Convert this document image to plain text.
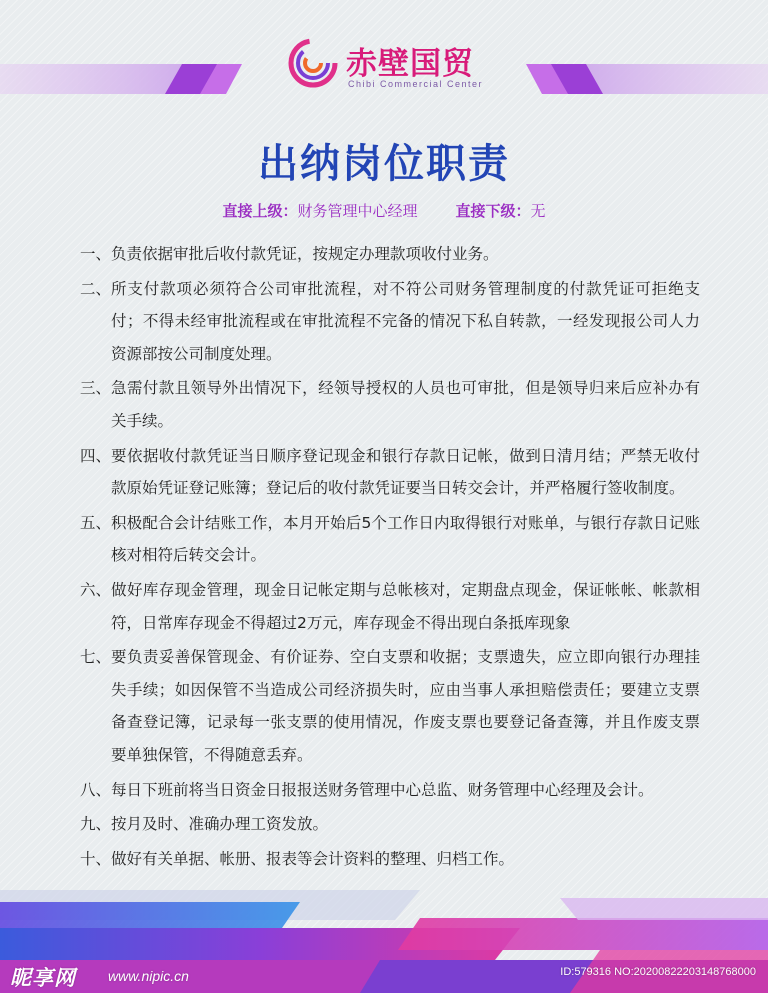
赤壁国贸
Chibi Commercial Center
出纳岗位职责
直接上级：财务管理中心经理	直接下级：无
一、 负责依据审批后收付款凭证，按规定办理款项收付业务。
二、 所支付款项必须符合公司审批流程，对不符公司财务管理制度的付款凭证可拒绝支付；不得未经审批流程或在审批流程不完备的情况下私自转款，一经发现报公司人力资源部按公司制度处理。
三、 急需付款且领导外出情况下，经领导授权的人员也可审批，但是领导归来后应补办有关手续。
四、 要依据收付款凭证当日顺序登记现金和银行存款日记帐，做到日清月结；严禁无收付款原始凭证登记账簿；登记后的收付款凭证要当日转交会计，并严格履行签收制度。
五、 积极配合会计结账工作，本月开始后5个工作日内取得银行对账单，与银行存款日记账核对相符后转交会计。
六、 做好库存现金管理，现金日记帐定期与总帐核对，定期盘点现金，保证帐帐、帐款相符，日常库存现金不得超过2万元，库存现金不得出现白条抵库现象
七、 要负责妥善保管现金、有价证券、空白支票和收据；支票遗失，应立即向银行办理挂失手续；如因保管不当造成公司经济损失时，应由当事人承担赔偿责任；要建立支票备查登记簿，记录每一张支票的使用情况，作废支票也要登记备查簿，并且作废支票要单独保管，不得随意丢弃。
八、 每日下班前将当日资金日报报送财务管理中心总监、财务管理中心经理及会计。
九、 按月及时、准确办理工资发放。
十、 做好有关单据、帐册、报表等会计资料的整理、归档工作。
昵享网 www.nipic.cn	ID:579316 NO:20200822203148768000
